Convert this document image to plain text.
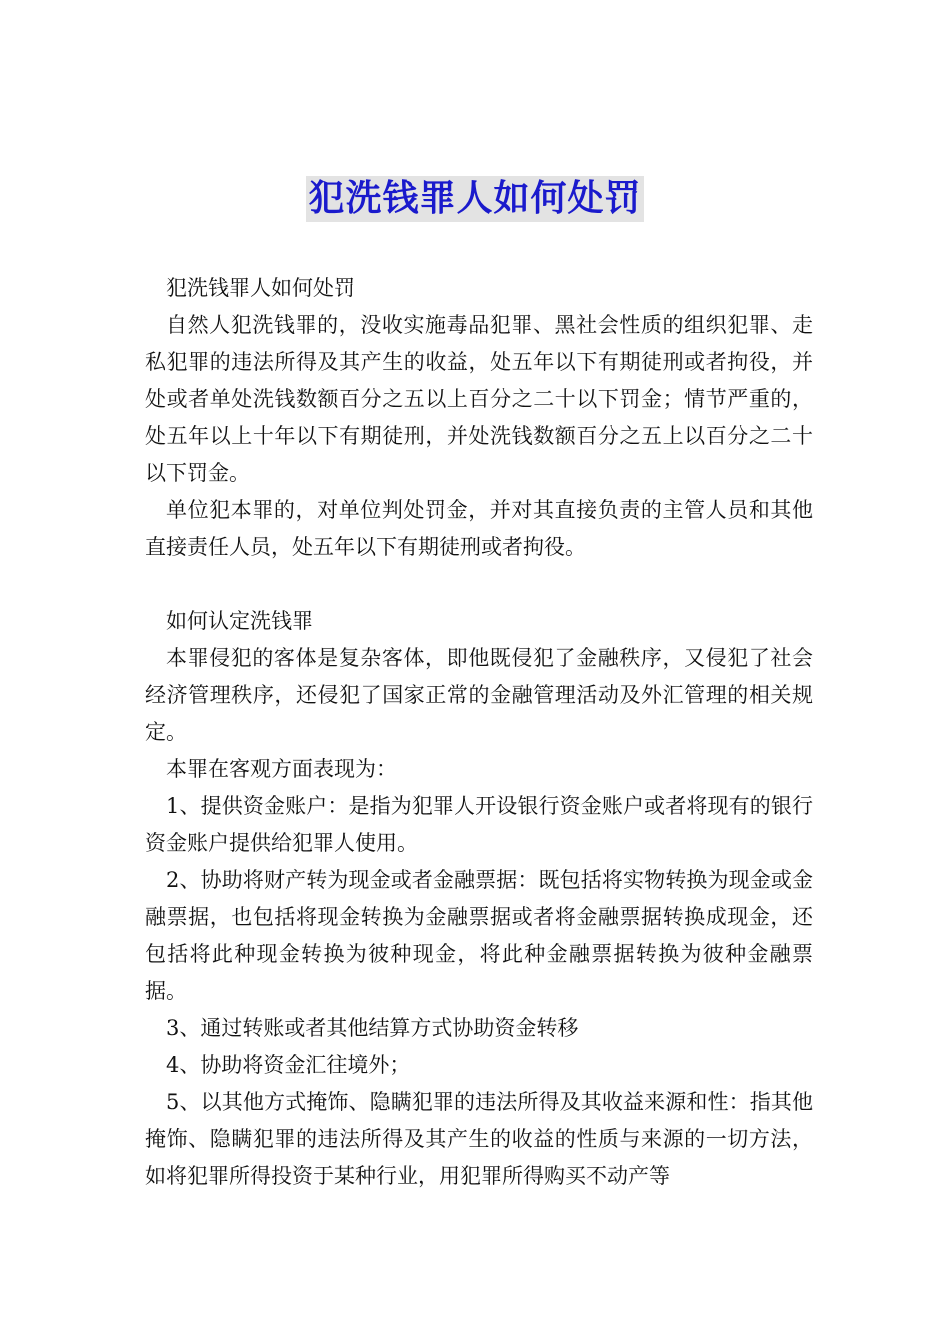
犯洗钱罪人如何处罚

犯洗钱罪人如何处罚

自然人犯洗钱罪的，没收实施毒品犯罪、黑社会性质的组织犯罪、走私犯罪的违法所得及其产生的收益，处五年以下有期徒刑或者拘役，并处或者单处洗钱数额百分之五以上百分之二十以下罚金；情节严重的，处五年以上十年以下有期徒刑，并处洗钱数额百分之五上以百分之二十以下罚金。

单位犯本罪的，对单位判处罚金，并对其直接负责的主管人员和其他直接责任人员，处五年以下有期徒刑或者拘役。

如何认定洗钱罪

本罪侵犯的客体是复杂客体，即他既侵犯了金融秩序，又侵犯了社会经济管理秩序，还侵犯了国家正常的金融管理活动及外汇管理的相关规定。

本罪在客观方面表现为：

1、提供资金账户：是指为犯罪人开设银行资金账户或者将现有的银行资金账户提供给犯罪人使用。

2、协助将财产转为现金或者金融票据：既包括将实物转换为现金或金融票据，也包括将现金转换为金融票据或者将金融票据转换成现金，还包括将此种现金转换为彼种现金，将此种金融票据转换为彼种金融票据。

3、通过转账或者其他结算方式协助资金转移

4、协助将资金汇往境外；

5、以其他方式掩饰、隐瞒犯罪的违法所得及其收益来源和性：指其他掩饰、隐瞒犯罪的违法所得及其产生的收益的性质与来源的一切方法，如将犯罪所得投资于某种行业，用犯罪所得购买不动产等
